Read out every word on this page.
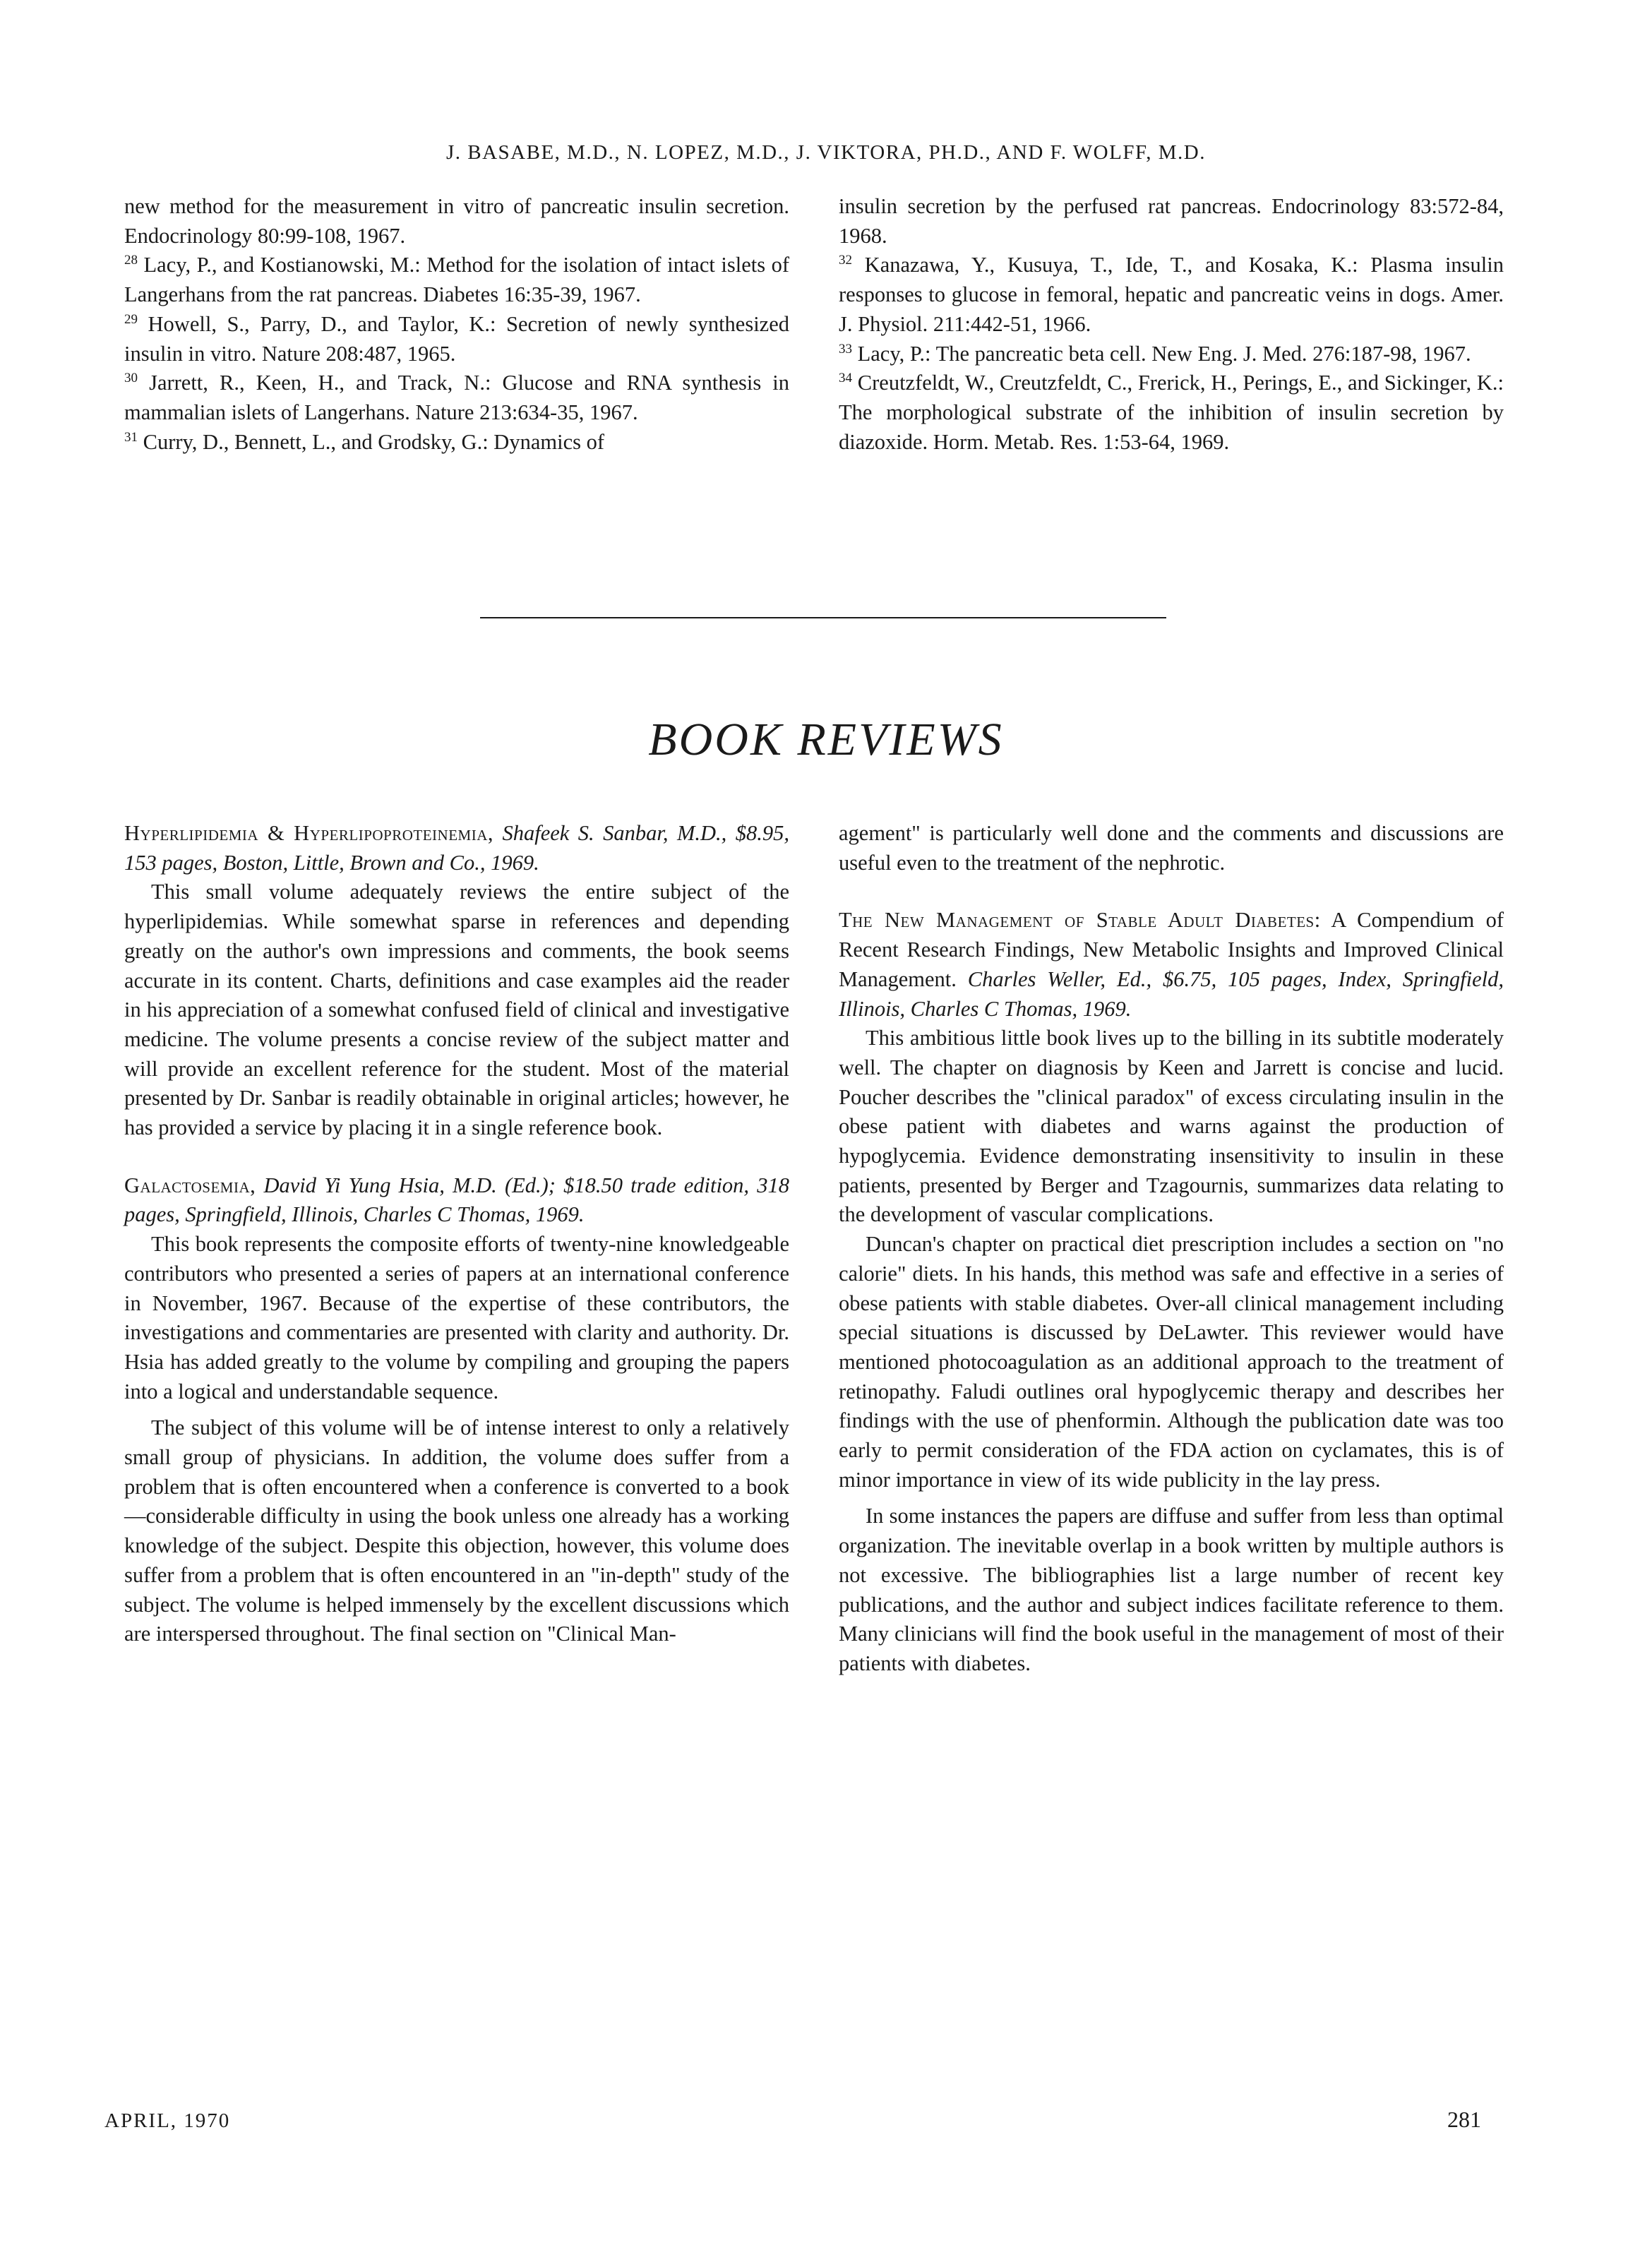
J. BASABE, M.D., N. LOPEZ, M.D., J. VIKTORA, PH.D., AND F. WOLFF, M.D.

new method for the measurement in vitro of pancreatic insulin secretion. Endocrinology 80:99-108, 1967.

$^{28}$ Lacy, P., and Kostianowski, M.: Method for the isolation of intact islets of Langerhans from the rat pancreas. Diabetes 16:35-39, 1967.

$^{29}$ Howell, S., Parry, D., and Taylor, K.: Secretion of newly synthesized insulin in vitro. Nature 208:487, 1965.

$^{30}$ Jarrett, R., Keen, H., and Track, N.: Glucose and RNA synthesis in mammalian islets of Langerhans. Nature 213:634-35, 1967.

$^{31}$ Curry, D., Bennett, L., and Grodsky, G.: Dynamics of

insulin secretion by the perfused rat pancreas. Endocrinology 83:572-84, 1968.

$^{32}$ Kanazawa, Y., Kusuya, T., Ide, T., and Kosaka, K.: Plasma insulin responses to glucose in femoral, hepatic and pancreatic veins in dogs. Amer. J. Physiol. 211:442-51, 1966.

$^{33}$ Lacy, P.: The pancreatic beta cell. New Eng. J. Med. 276:187-98, 1967.

$^{34}$ Creutzfeldt, W., Creutzfeldt, C., Frerick, H., Perings, E., and Sickinger, K.: The morphological substrate of the inhibition of insulin secretion by diazoxide. Horm. Metab. Res. 1:53-64, 1969.

BOOK REVIEWS

Hyperlipidemia & Hyperlipoproteinemia, Shafeek S. Sanbar, M.D., $8.95, 153 pages, Boston, Little, Brown and Co., 1969.

This small volume adequately reviews the entire subject of the hyperlipidemias. While somewhat sparse in references and depending greatly on the author's own impressions and comments, the book seems accurate in its content. Charts, definitions and case examples aid the reader in his appreciation of a somewhat confused field of clinical and investigative medicine. The volume presents a concise review of the subject matter and will provide an excellent reference for the student. Most of the material presented by Dr. Sanbar is readily obtainable in original articles; however, he has provided a service by placing it in a single reference book.

Galactosemia, David Yi Yung Hsia, M.D. (Ed.); $18.50 trade edition, 318 pages, Springfield, Illinois, Charles C Thomas, 1969.

This book represents the composite efforts of twenty-nine knowledgeable contributors who presented a series of papers at an international conference in November, 1967. Because of the expertise of these contributors, the investigations and commentaries are presented with clarity and authority. Dr. Hsia has added greatly to the volume by compiling and grouping the papers into a logical and understandable sequence.

The subject of this volume will be of intense interest to only a relatively small group of physicians. In addition, the volume does suffer from a problem that is often encountered when a conference is converted to a book—considerable difficulty in using the book unless one already has a working knowledge of the subject. Despite this objection, however, this volume does suffer from a problem that is often encountered in an "in-depth" study of the subject. The volume is helped immensely by the excellent discussions which are interspersed throughout. The final section on "Clinical Man-

agement" is particularly well done and the comments and discussions are useful even to the treatment of the nephrotic.

The New Management of Stable Adult Diabetes: A Compendium of Recent Research Findings, New Metabolic Insights and Improved Clinical Management. Charles Weller, Ed., $6.75, 105 pages, Index, Springfield, Illinois, Charles C Thomas, 1969.

This ambitious little book lives up to the billing in its subtitle moderately well. The chapter on diagnosis by Keen and Jarrett is concise and lucid. Poucher describes the "clinical paradox" of excess circulating insulin in the obese patient with diabetes and warns against the production of hypoglycemia. Evidence demonstrating insensitivity to insulin in these patients, presented by Berger and Tzagournis, summarizes data relating to the development of vascular complications.

Duncan's chapter on practical diet prescription includes a section on "no calorie" diets. In his hands, this method was safe and effective in a series of obese patients with stable diabetes. Over-all clinical management including special situations is discussed by DeLawter. This reviewer would have mentioned photocoagulation as an additional approach to the treatment of retinopathy. Faludi outlines oral hypoglycemic therapy and describes her findings with the use of phenformin. Although the publication date was too early to permit consideration of the FDA action on cyclamates, this is of minor importance in view of its wide publicity in the lay press.

In some instances the papers are diffuse and suffer from less than optimal organization. The inevitable overlap in a book written by multiple authors is not excessive. The bibliographies list a large number of recent key publications, and the author and subject indices facilitate reference to them. Many clinicians will find the book useful in the management of most of their patients with diabetes.

APRIL, 1970	281
